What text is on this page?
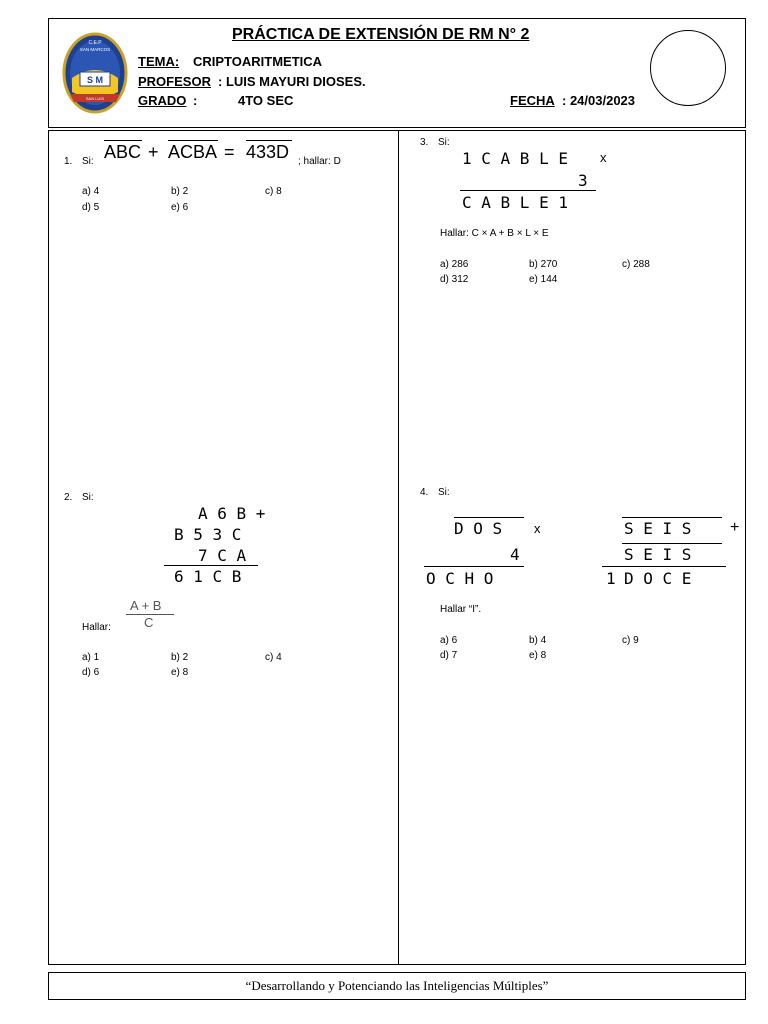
S M
C.E.P
SAN MARCOS
SAN LUIS
PRÁCTICA DE EXTENSIÓN DE RM N° 2
TEMA: CRIPTOARITMETICA
PROFESOR : LUIS MAYURI DIOSES.
GRADO :	4TO SEC	FECHA : 24/03/2023
1. Si: ABC + ACBA = 433D ; hallar: D
a) 4	b) 2	c) 8
d) 5	e) 6
2. Si:
A 6 B +
B 5 3 C
7 C A
6 1 C B
Hallar:
A + B
C
a) 1	b) 2	c) 4
d) 6	e) 8
3. Si:
1 C A B L E x
3
C A B L E 1
Hallar: C × A + B × L × E
a) 286	b) 270	c) 288
d) 312	e) 144
4. Si:
D O S x
4
O C H O
S E I S +
S E I S
1 D O C E
Hallar “I”.
a) 6	b) 4	c) 9
d) 7	e) 8
“Desarrollando y Potenciando las Inteligencias Múltiples”
